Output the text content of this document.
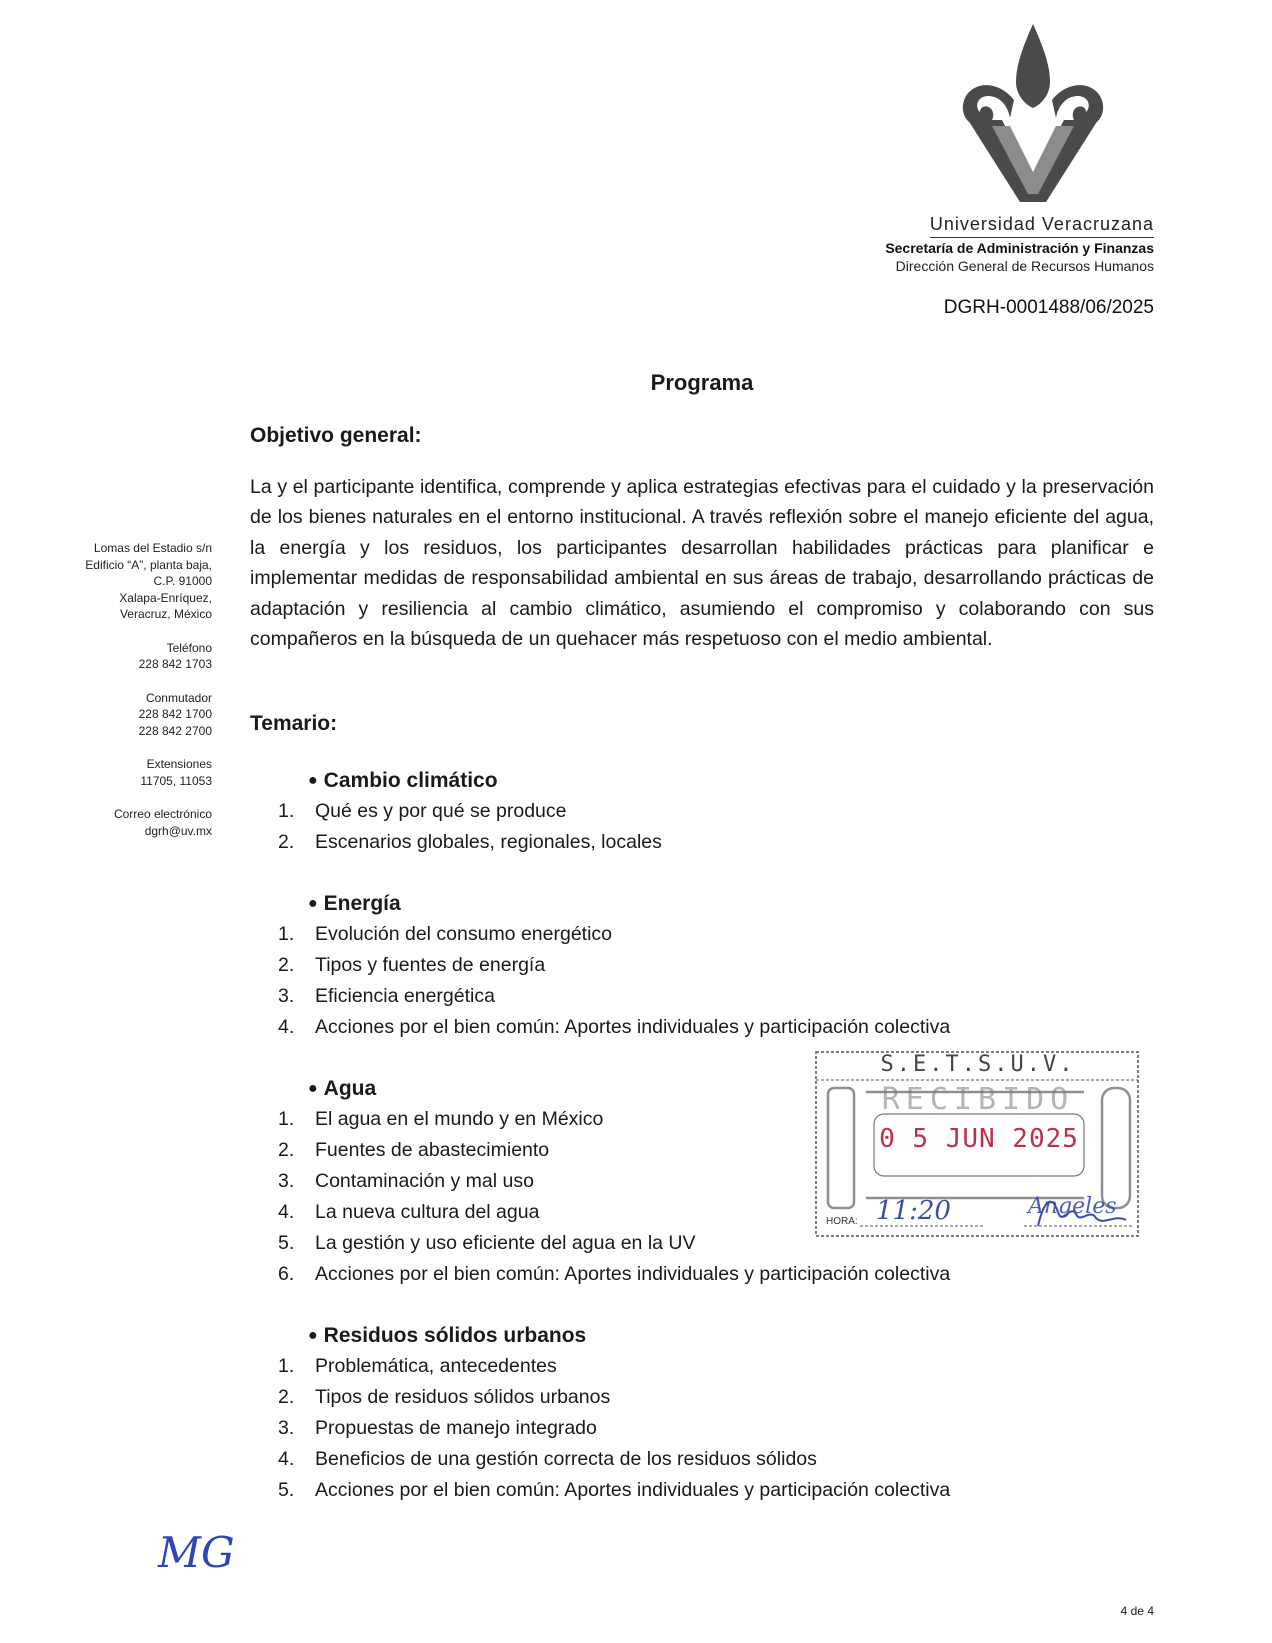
Universidad Veracruzana
Secretaría de Administración y Finanzas
Dirección General de Recursos Humanos
DGRH-0001488/06/2025
Lomas del Estadio s/n
Edificio “A”, planta baja,
C.P. 91000
Xalapa-Enríquez,
Veracruz, México
Teléfono
228 842 1703
Conmutador
228 842 1700
228 842 2700
Extensiones
11705, 11053
Correo electrónico
dgrh@uv.mx
Programa
Objetivo general:
La y el participante identifica, comprende y aplica estrategias efectivas para el cuidado y la preservación de los bienes naturales en el entorno institucional. A través reflexión sobre el manejo eficiente del agua, la energía y los residuos, los participantes desarrollan habilidades prácticas para planificar e implementar medidas de responsabilidad ambiental en sus áreas de trabajo, desarrollando prácticas de adaptación y resiliencia al cambio climático, asumiendo el compromiso y colaborando con sus compañeros en la búsqueda de un quehacer más respetuoso con el medio ambiental.
Temario:
● Cambio climático
1. Qué es y por qué se produce
2. Escenarios globales, regionales, locales
● Energía
1. Evolución del consumo energético
2. Tipos y fuentes de energía
3. Eficiencia energética
4. Acciones por el bien común: Aportes individuales y participación colectiva
● Agua
1. El agua en el mundo y en México
2. Fuentes de abastecimiento
3. Contaminación y mal uso
4. La nueva cultura del agua
5. La gestión y uso eficiente del agua en la UV
6. Acciones por el bien común: Aportes individuales y participación colectiva
● Residuos sólidos urbanos
1. Problemática, antecedentes
2. Tipos de residuos sólidos urbanos
3. Propuestas de manejo integrado
4. Beneficios de una gestión correcta de los residuos sólidos
5. Acciones por el bien común: Aportes individuales y participación colectiva
S.E.T.S.U.V.
RECIBIDO
0 5 JUN 2025
HORA: 11:20	Angeles
MG
4 de 4
